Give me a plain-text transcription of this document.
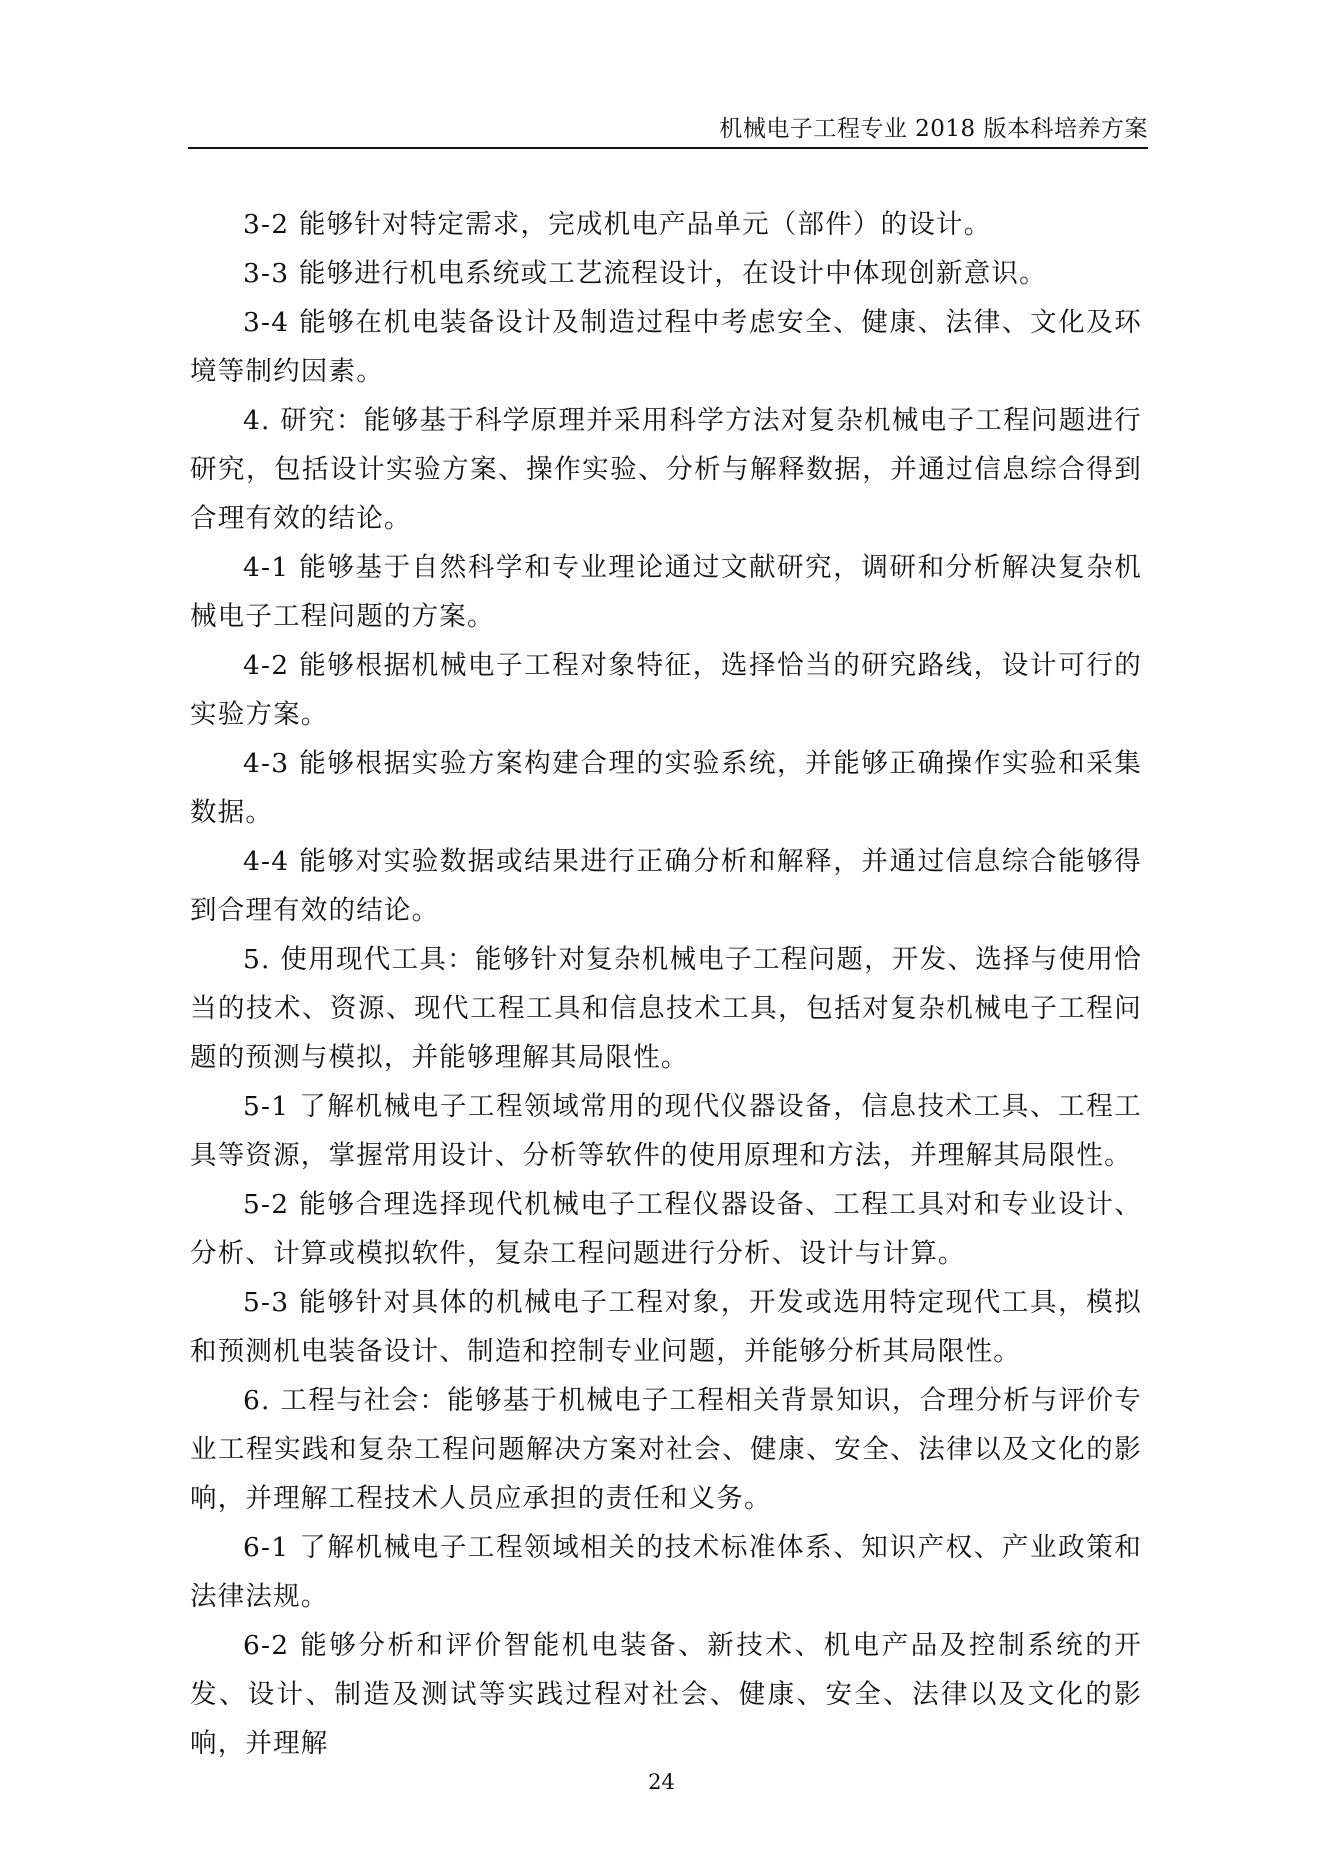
机械电子工程专业 2018 版本科培养方案

3-2 能够针对特定需求，完成机电产品单元（部件）的设计。

3-3 能够进行机电系统或工艺流程设计，在设计中体现创新意识。

3-4 能够在机电装备设计及制造过程中考虑安全、健康、法律、文化及环境等制约因素。

4. 研究：能够基于科学原理并采用科学方法对复杂机械电子工程问题进行研究，包括设计实验方案、操作实验、分析与解释数据，并通过信息综合得到合理有效的结论。

4-1 能够基于自然科学和专业理论通过文献研究，调研和分析解决复杂机械电子工程问题的方案。

4-2 能够根据机械电子工程对象特征，选择恰当的研究路线，设计可行的实验方案。

4-3 能够根据实验方案构建合理的实验系统，并能够正确操作实验和采集数据。

4-4 能够对实验数据或结果进行正确分析和解释，并通过信息综合能够得到合理有效的结论。

5. 使用现代工具：能够针对复杂机械电子工程问题，开发、选择与使用恰当的技术、资源、现代工程工具和信息技术工具，包括对复杂机械电子工程问题的预测与模拟，并能够理解其局限性。

5-1 了解机械电子工程领域常用的现代仪器设备，信息技术工具、工程工具等资源，掌握常用设计、分析等软件的使用原理和方法，并理解其局限性。

5-2 能够合理选择现代机械电子工程仪器设备、工程工具对和专业设计、分析、计算或模拟软件，复杂工程问题进行分析、设计与计算。

5-3 能够针对具体的机械电子工程对象，开发或选用特定现代工具，模拟和预测机电装备设计、制造和控制专业问题，并能够分析其局限性。

6. 工程与社会：能够基于机械电子工程相关背景知识，合理分析与评价专业工程实践和复杂工程问题解决方案对社会、健康、安全、法律以及文化的影响，并理解工程技术人员应承担的责任和义务。

6-1 了解机械电子工程领域相关的技术标准体系、知识产权、产业政策和法律法规。

6-2 能够分析和评价智能机电装备、新技术、机电产品及控制系统的开发、设计、制造及测试等实践过程对社会、健康、安全、法律以及文化的影响，并理解

24
